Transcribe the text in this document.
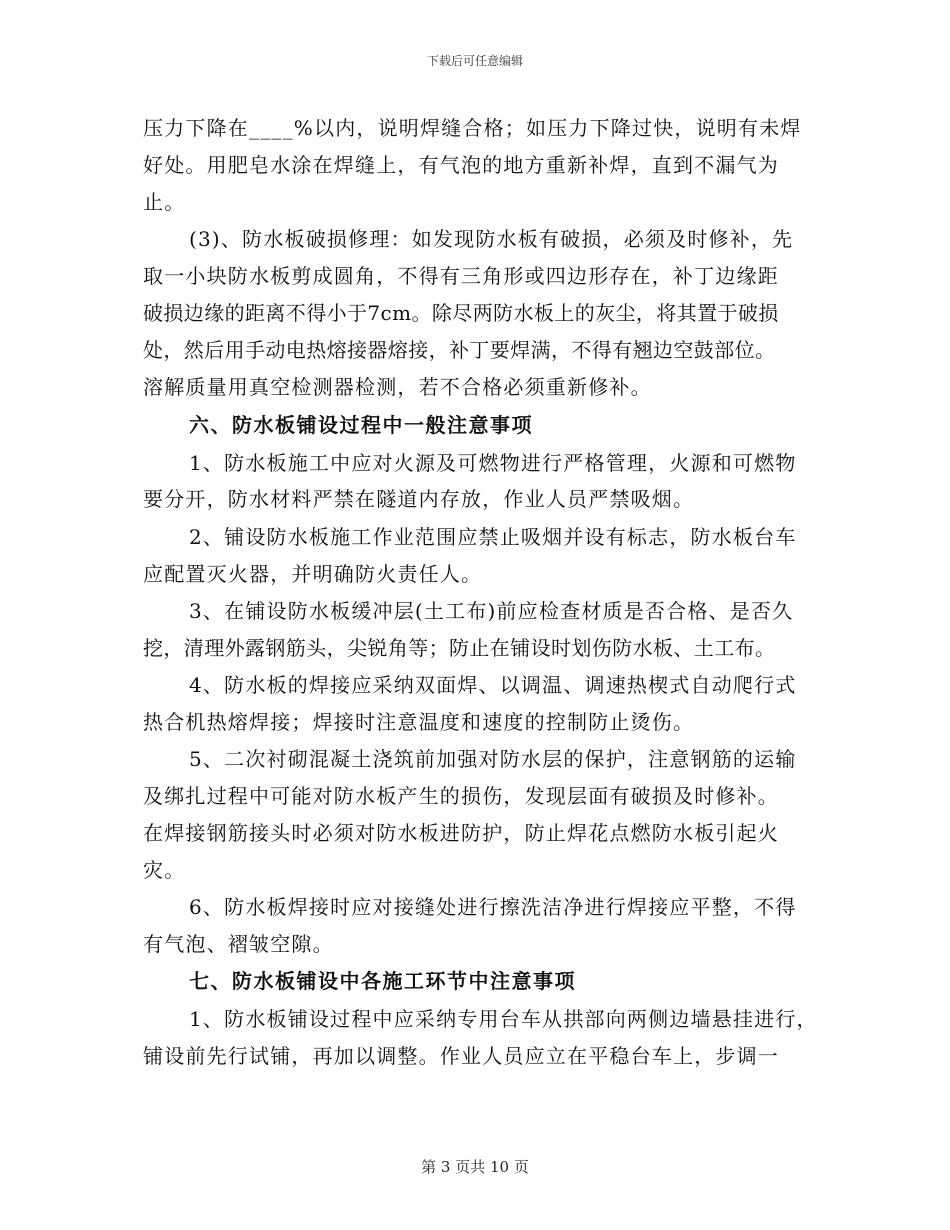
下载后可任意编辑
压力下降在____%以内，说明焊缝合格；如压力下降过快，说明有未焊
好处。用肥皂水涂在焊缝上，有气泡的地方重新补焊，直到不漏气为
止。
(3)、防水板破损修理：如发现防水板有破损，必须及时修补，先
取一小块防水板剪成圆角，不得有三角形或四边形存在，补丁边缘距
破损边缘的距离不得小于7cm。除尽两防水板上的灰尘，将其置于破损
处，然后用手动电热熔接器熔接，补丁要焊满，不得有翘边空鼓部位。
溶解质量用真空检测器检测，若不合格必须重新修补。
六、防水板铺设过程中一般注意事项
1、防水板施工中应对火源及可燃物进行严格管理，火源和可燃物
要分开，防水材料严禁在隧道内存放，作业人员严禁吸烟。
2、铺设防水板施工作业范围应禁止吸烟并设有标志，防水板台车
应配置灭火器，并明确防火责任人。
3、在铺设防水板缓冲层(土工布)前应检查材质是否合格、是否久
挖，清理外露钢筋头，尖锐角等；防止在铺设时划伤防水板、土工布。
4、防水板的焊接应采纳双面焊、以调温、调速热楔式自动爬行式
热合机热熔焊接；焊接时注意温度和速度的控制防止烫伤。
5、二次衬砌混凝土浇筑前加强对防水层的保护，注意钢筋的运输
及绑扎过程中可能对防水板产生的损伤，发现层面有破损及时修补。
在焊接钢筋接头时必须对防水板进防护，防止焊花点燃防水板引起火
灾。
6、防水板焊接时应对接缝处进行擦洗洁净进行焊接应平整，不得
有气泡、褶皱空隙。
七、防水板铺设中各施工环节中注意事项
1、防水板铺设过程中应采纳专用台车从拱部向两侧边墙悬挂进行，
铺设前先行试铺，再加以调整。作业人员应立在平稳台车上，步调一
第 3 页共 10 页
